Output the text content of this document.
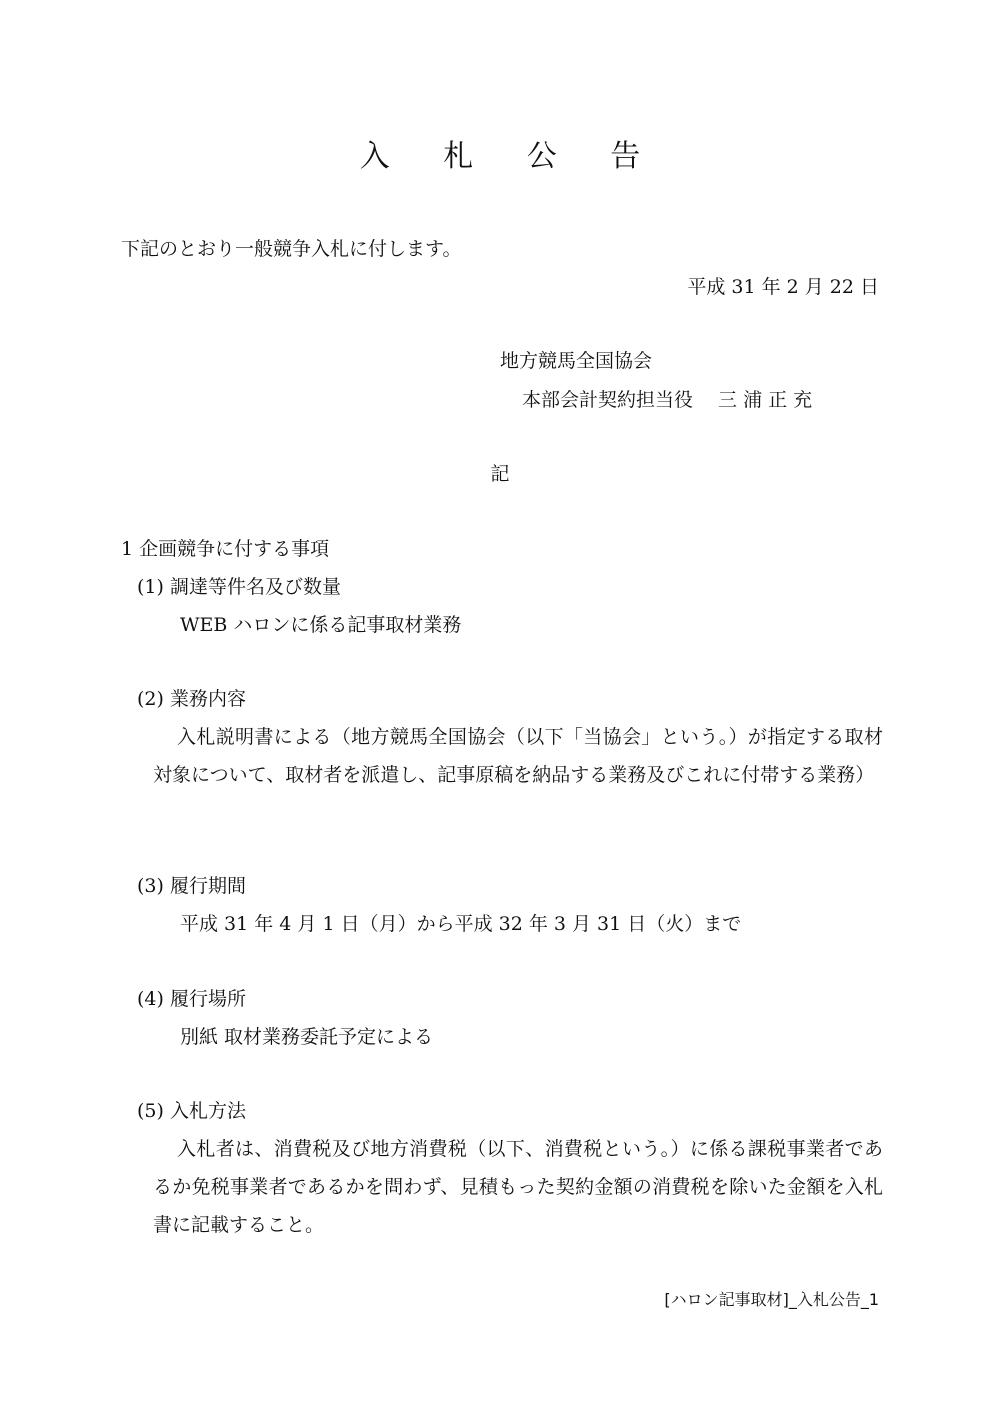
入 札 公 告
下記のとおり一般競争入札に付します。
平成 31 年 2 月 22 日
地方競馬全国協会
本部会計契約担当役　 三 浦 正 充
記
1 企画競争に付する事項
(1) 調達等件名及び数量
WEB ハロンに係る記事取材業務
(2) 業務内容
入札説明書による（地方競馬全国協会（以下「当協会」という。）が指定する取材対象について、取材者を派遣し、記事原稿を納品する業務及びこれに付帯する業務）
(3) 履行期間
平成 31 年 4 月 1 日（月）から平成 32 年 3 月 31 日（火）まで
(4) 履行場所
別紙 取材業務委託予定による
(5) 入札方法
入札者は、消費税及び地方消費税（以下、消費税という。）に係る課税事業者であるか免税事業者であるかを問わず、見積もった契約金額の消費税を除いた金額を入札書に記載すること。
[ハロン記事取材]_入札公告_1
